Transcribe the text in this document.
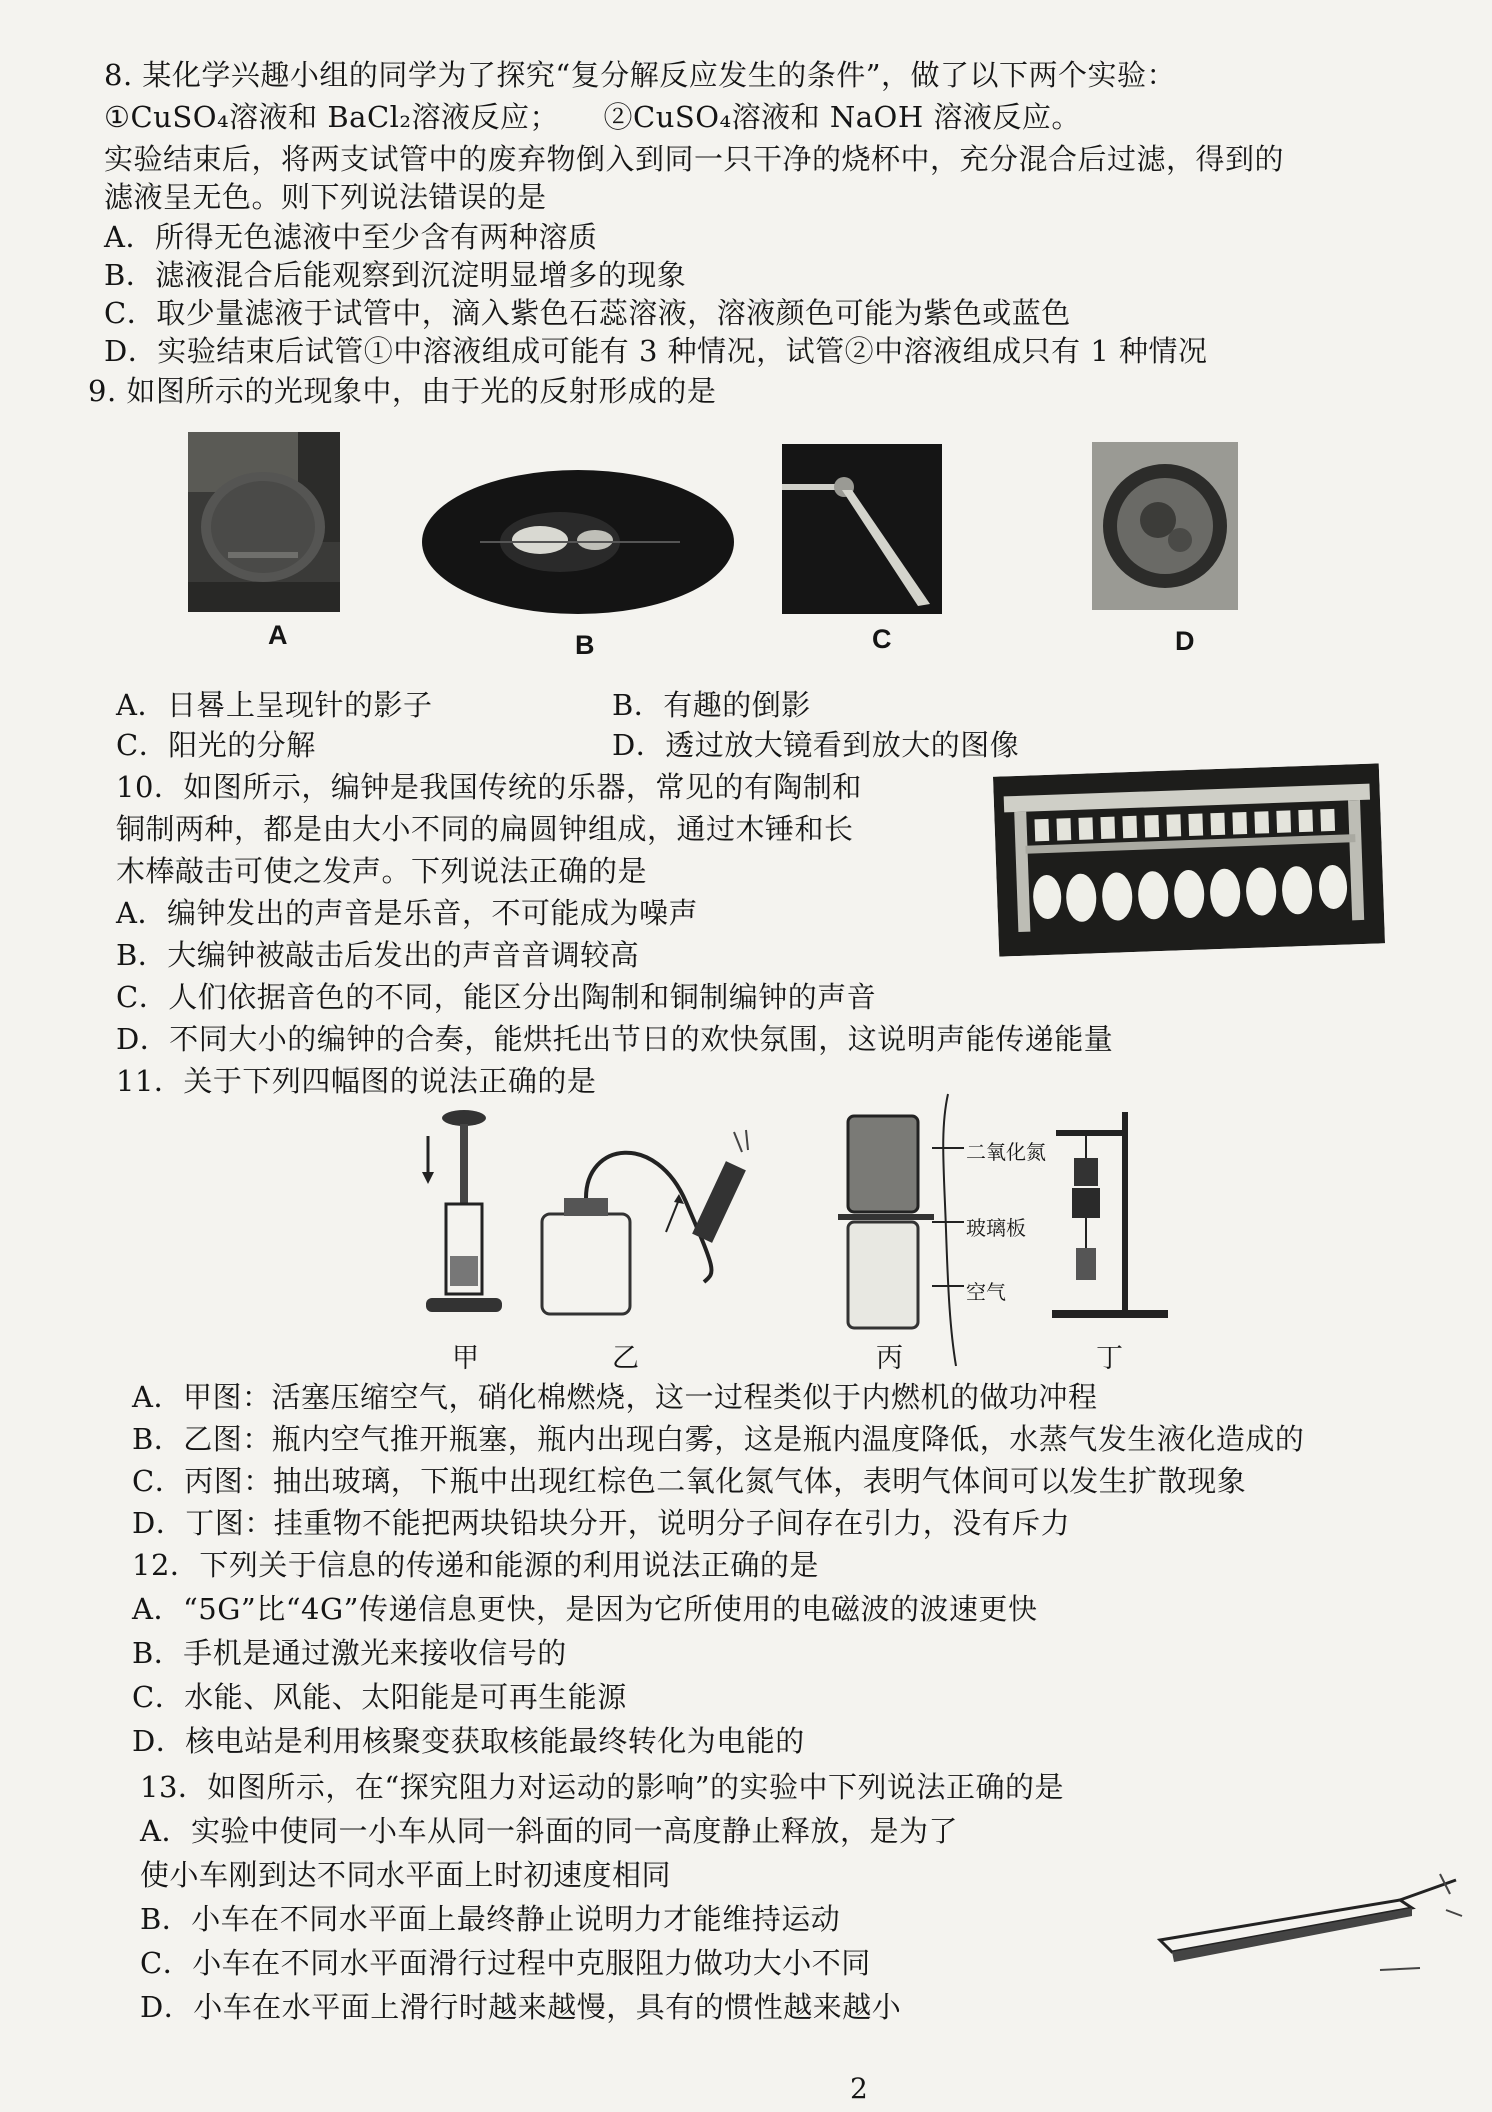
8. 某化学兴趣小组的同学为了探究“复分解反应发生的条件”，做了以下两个实验：
①CuSO₄溶液和 BaCl₂溶液反应；　　②CuSO₄溶液和 NaOH 溶液反应。
实验结束后，将两支试管中的废弃物倒入到同一只干净的烧杯中，充分混合后过滤，得到的
滤液呈无色。则下列说法错误的是
A．所得无色滤液中至少含有两种溶质
B．滤液混合后能观察到沉淀明显增多的现象
C．取少量滤液于试管中，滴入紫色石蕊溶液，溶液颜色可能为紫色或蓝色
D．实验结束后试管①中溶液组成可能有 3 种情况，试管②中溶液组成只有 1 种情况
9. 如图所示的光现象中，由于光的反射形成的是
A	B	C	D
A．日晷上呈现针的影子	B．有趣的倒影
C．阳光的分解	D．透过放大镜看到放大的图像
10．如图所示，编钟是我国传统的乐器，常见的有陶制和
铜制两种，都是由大小不同的扁圆钟组成，通过木锤和长
木棒敲击可使之发声。下列说法正确的是
A．编钟发出的声音是乐音，不可能成为噪声
B．大编钟被敲击后发出的声音音调较高
C．人们依据音色的不同，能区分出陶制和铜制编钟的声音
D．不同大小的编钟的合奏，能烘托出节日的欢快氛围，这说明声能传递能量
11．关于下列四幅图的说法正确的是
二氧化氮
玻璃板
空气
甲	乙	丙	丁
A．甲图：活塞压缩空气，硝化棉燃烧，这一过程类似于内燃机的做功冲程
B．乙图：瓶内空气推开瓶塞，瓶内出现白雾，这是瓶内温度降低，水蒸气发生液化造成的
C．丙图：抽出玻璃，下瓶中出现红棕色二氧化氮气体，表明气体间可以发生扩散现象
D．丁图：挂重物不能把两块铅块分开，说明分子间存在引力，没有斥力
12．下列关于信息的传递和能源的利用说法正确的是
A．“5G”比“4G”传递信息更快，是因为它所使用的电磁波的波速更快
B．手机是通过激光来接收信号的
C．水能、风能、太阳能是可再生能源
D．核电站是利用核聚变获取核能最终转化为电能的
13．如图所示，在“探究阻力对运动的影响”的实验中下列说法正确的是
A．实验中使同一小车从同一斜面的同一高度静止释放，是为了
使小车刚到达不同水平面上时初速度相同
B．小车在不同水平面上最终静止说明力才能维持运动
C．小车在不同水平面滑行过程中克服阻力做功大小不同
D．小车在水平面上滑行时越来越慢，具有的惯性越来越小
2
